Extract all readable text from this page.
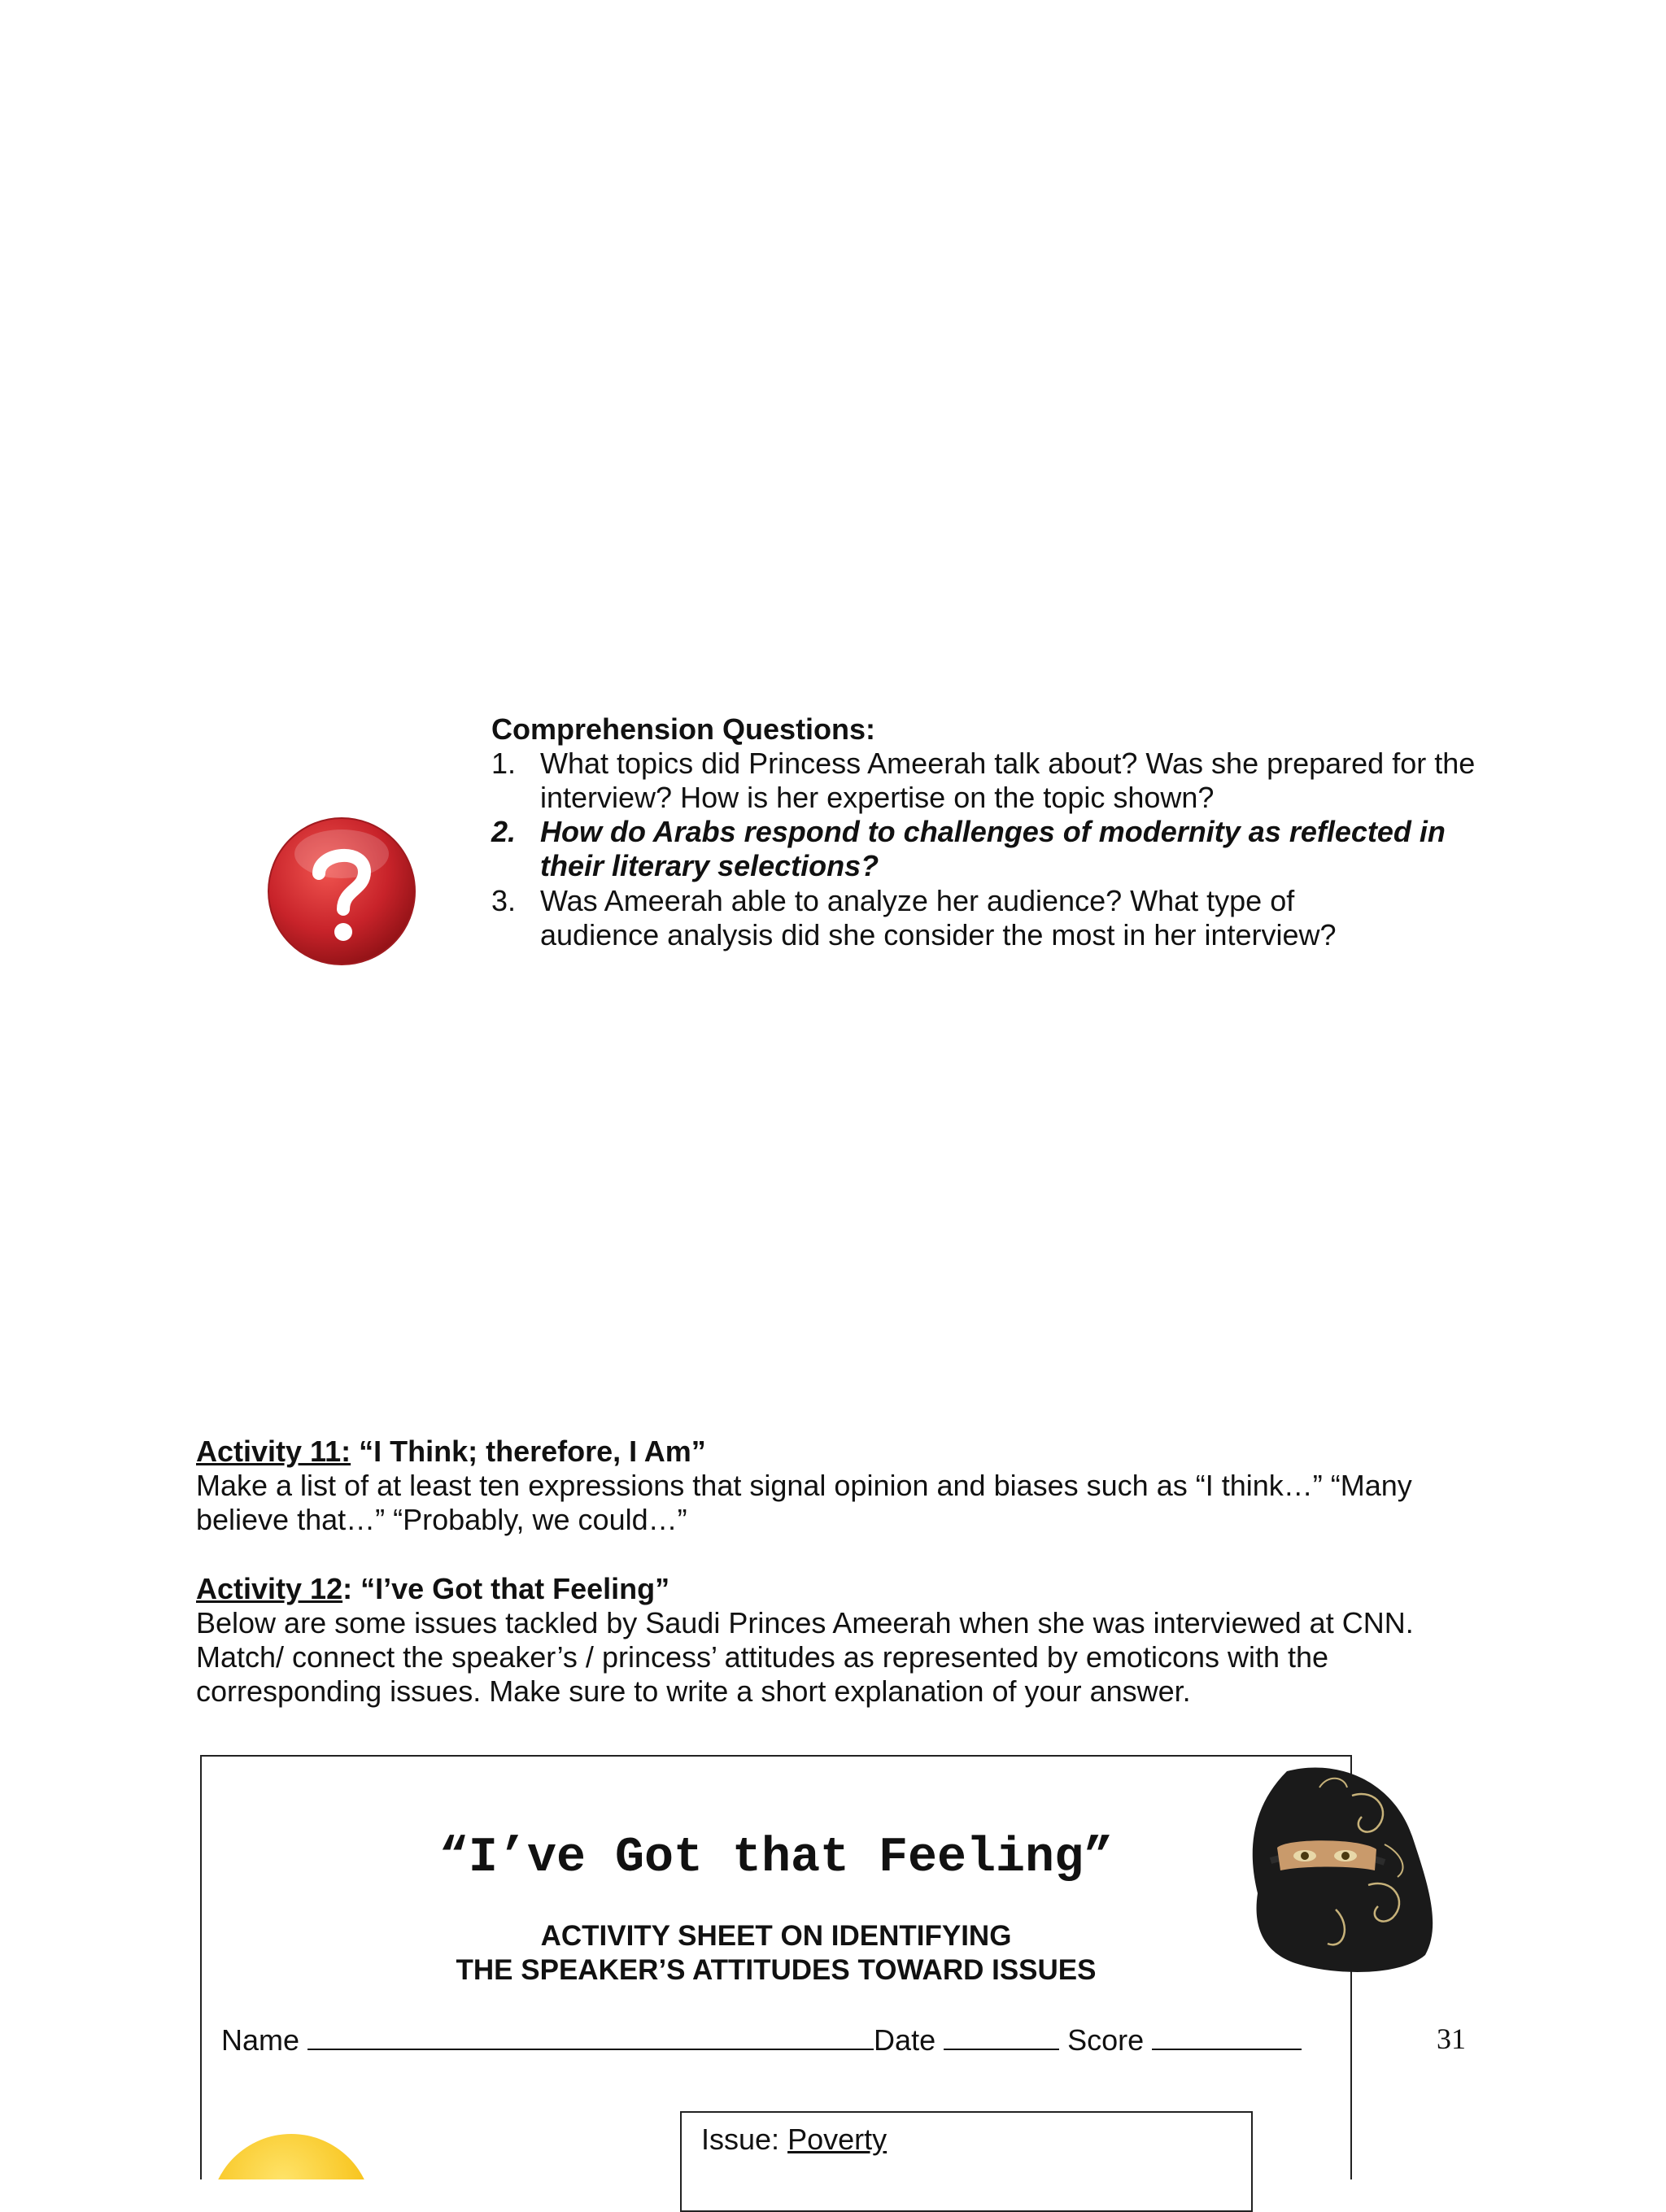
Comprehension Questions:
1. What topics did Princess Ameerah talk about? Was she prepared for the interview? How is her expertise on the topic shown?
2. How do Arabs respond to challenges of modernity as reflected in their literary selections?
3. Was Ameerah able to analyze her audience? What type of audience analysis did she consider the most in her interview?
Activity 11: “I Think; therefore, I Am”
Make a list of at least ten expressions that signal opinion and biases such as “I think…” “Many believe that…” “Probably, we could…”
Activity 12: “I’ve Got that Feeling”
Below are some issues tackled by Saudi Princes Ameerah when she was interviewed at CNN. Match/ connect the speaker’s / princess’ attitudes as represented by emoticons with the corresponding issues. Make sure to write a short explanation of your answer.
“I’ve Got that Feeling”
ACTIVITY SHEET ON IDENTIFYING
THE SPEAKER’S ATTITUDES TOWARD ISSUES
Name	Date	Score
Issue: Poverty
31
